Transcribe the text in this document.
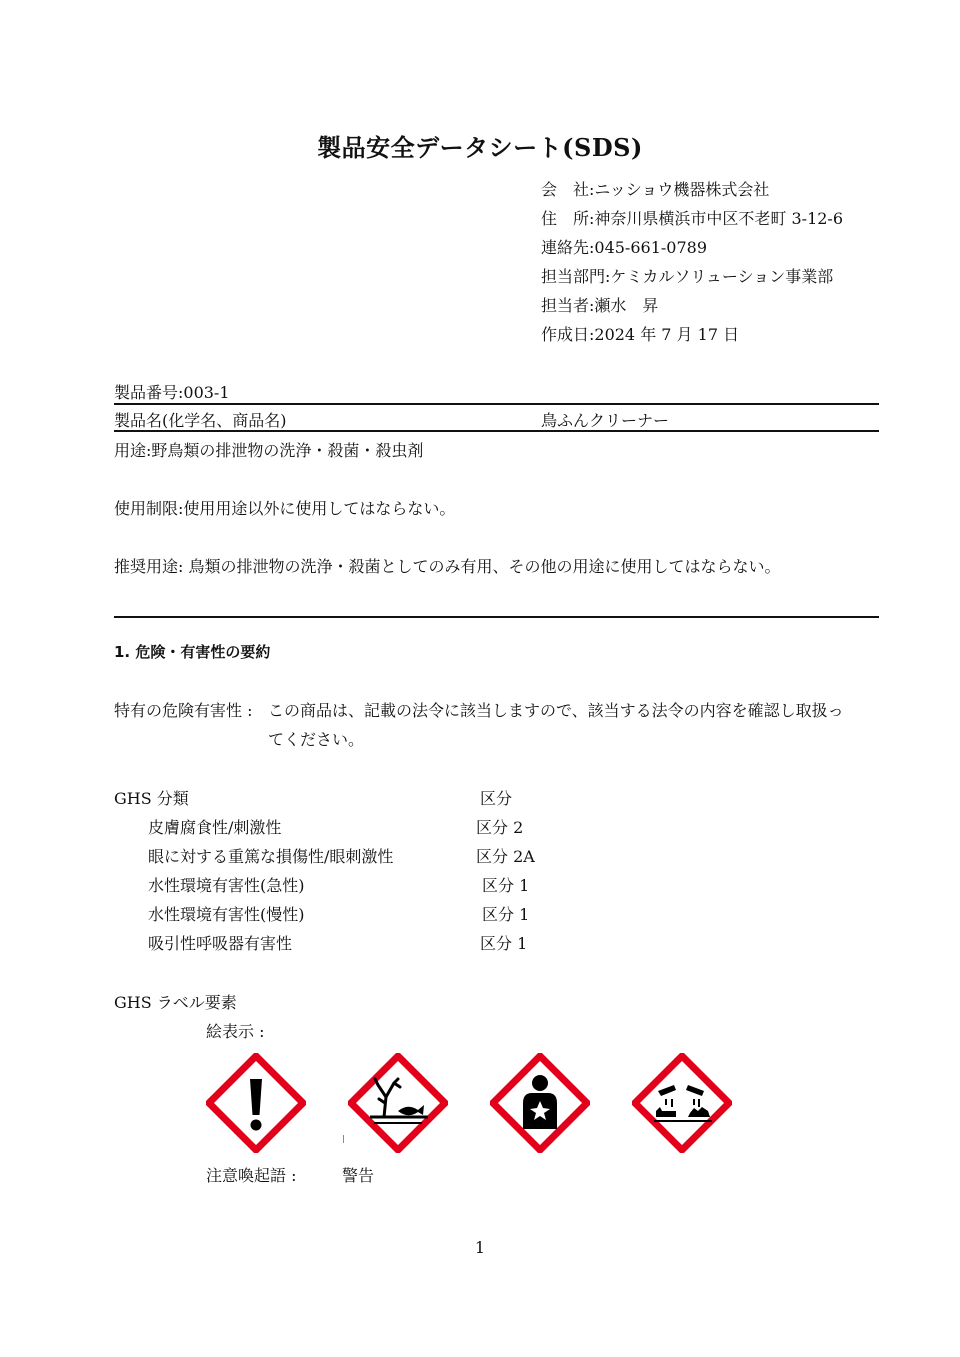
製品安全データシート(SDS)
会　社:ニッショウ機器株式会社
住　所:神奈川県横浜市中区不老町 3-12-6
連絡先:045-661-0789
担当部門:ケミカルソリューション事業部
担当者:瀬水　昇
作成日:2024 年 7 月 17 日
製品番号:003-1
製品名(化学名、商品名)	鳥ふんクリーナー
用途:野鳥類の排泄物の洗浄・殺菌・殺虫剤
使用制限:使用用途以外に使用してはならない。
推奨用途: 鳥類の排泄物の洗浄・殺菌としてのみ有用、その他の用途に使用してはならない。
1. 危険・有害性の要約
特有の危険有害性 : この商品は、記載の法令に該当しますので、該当する法令の内容を確認し取扱っ
てください。
GHS 分類	区分
皮膚腐食性/刺激性	区分 2
眼に対する重篤な損傷性/眼刺激性	区分 2A
水性環境有害性(急性)	区分 1
水性環境有害性(慢性)	区分 1
吸引性呼吸器有害性	区分 1
GHS ラベル要素
絵表示 :
注意喚起語 :	警告
1
